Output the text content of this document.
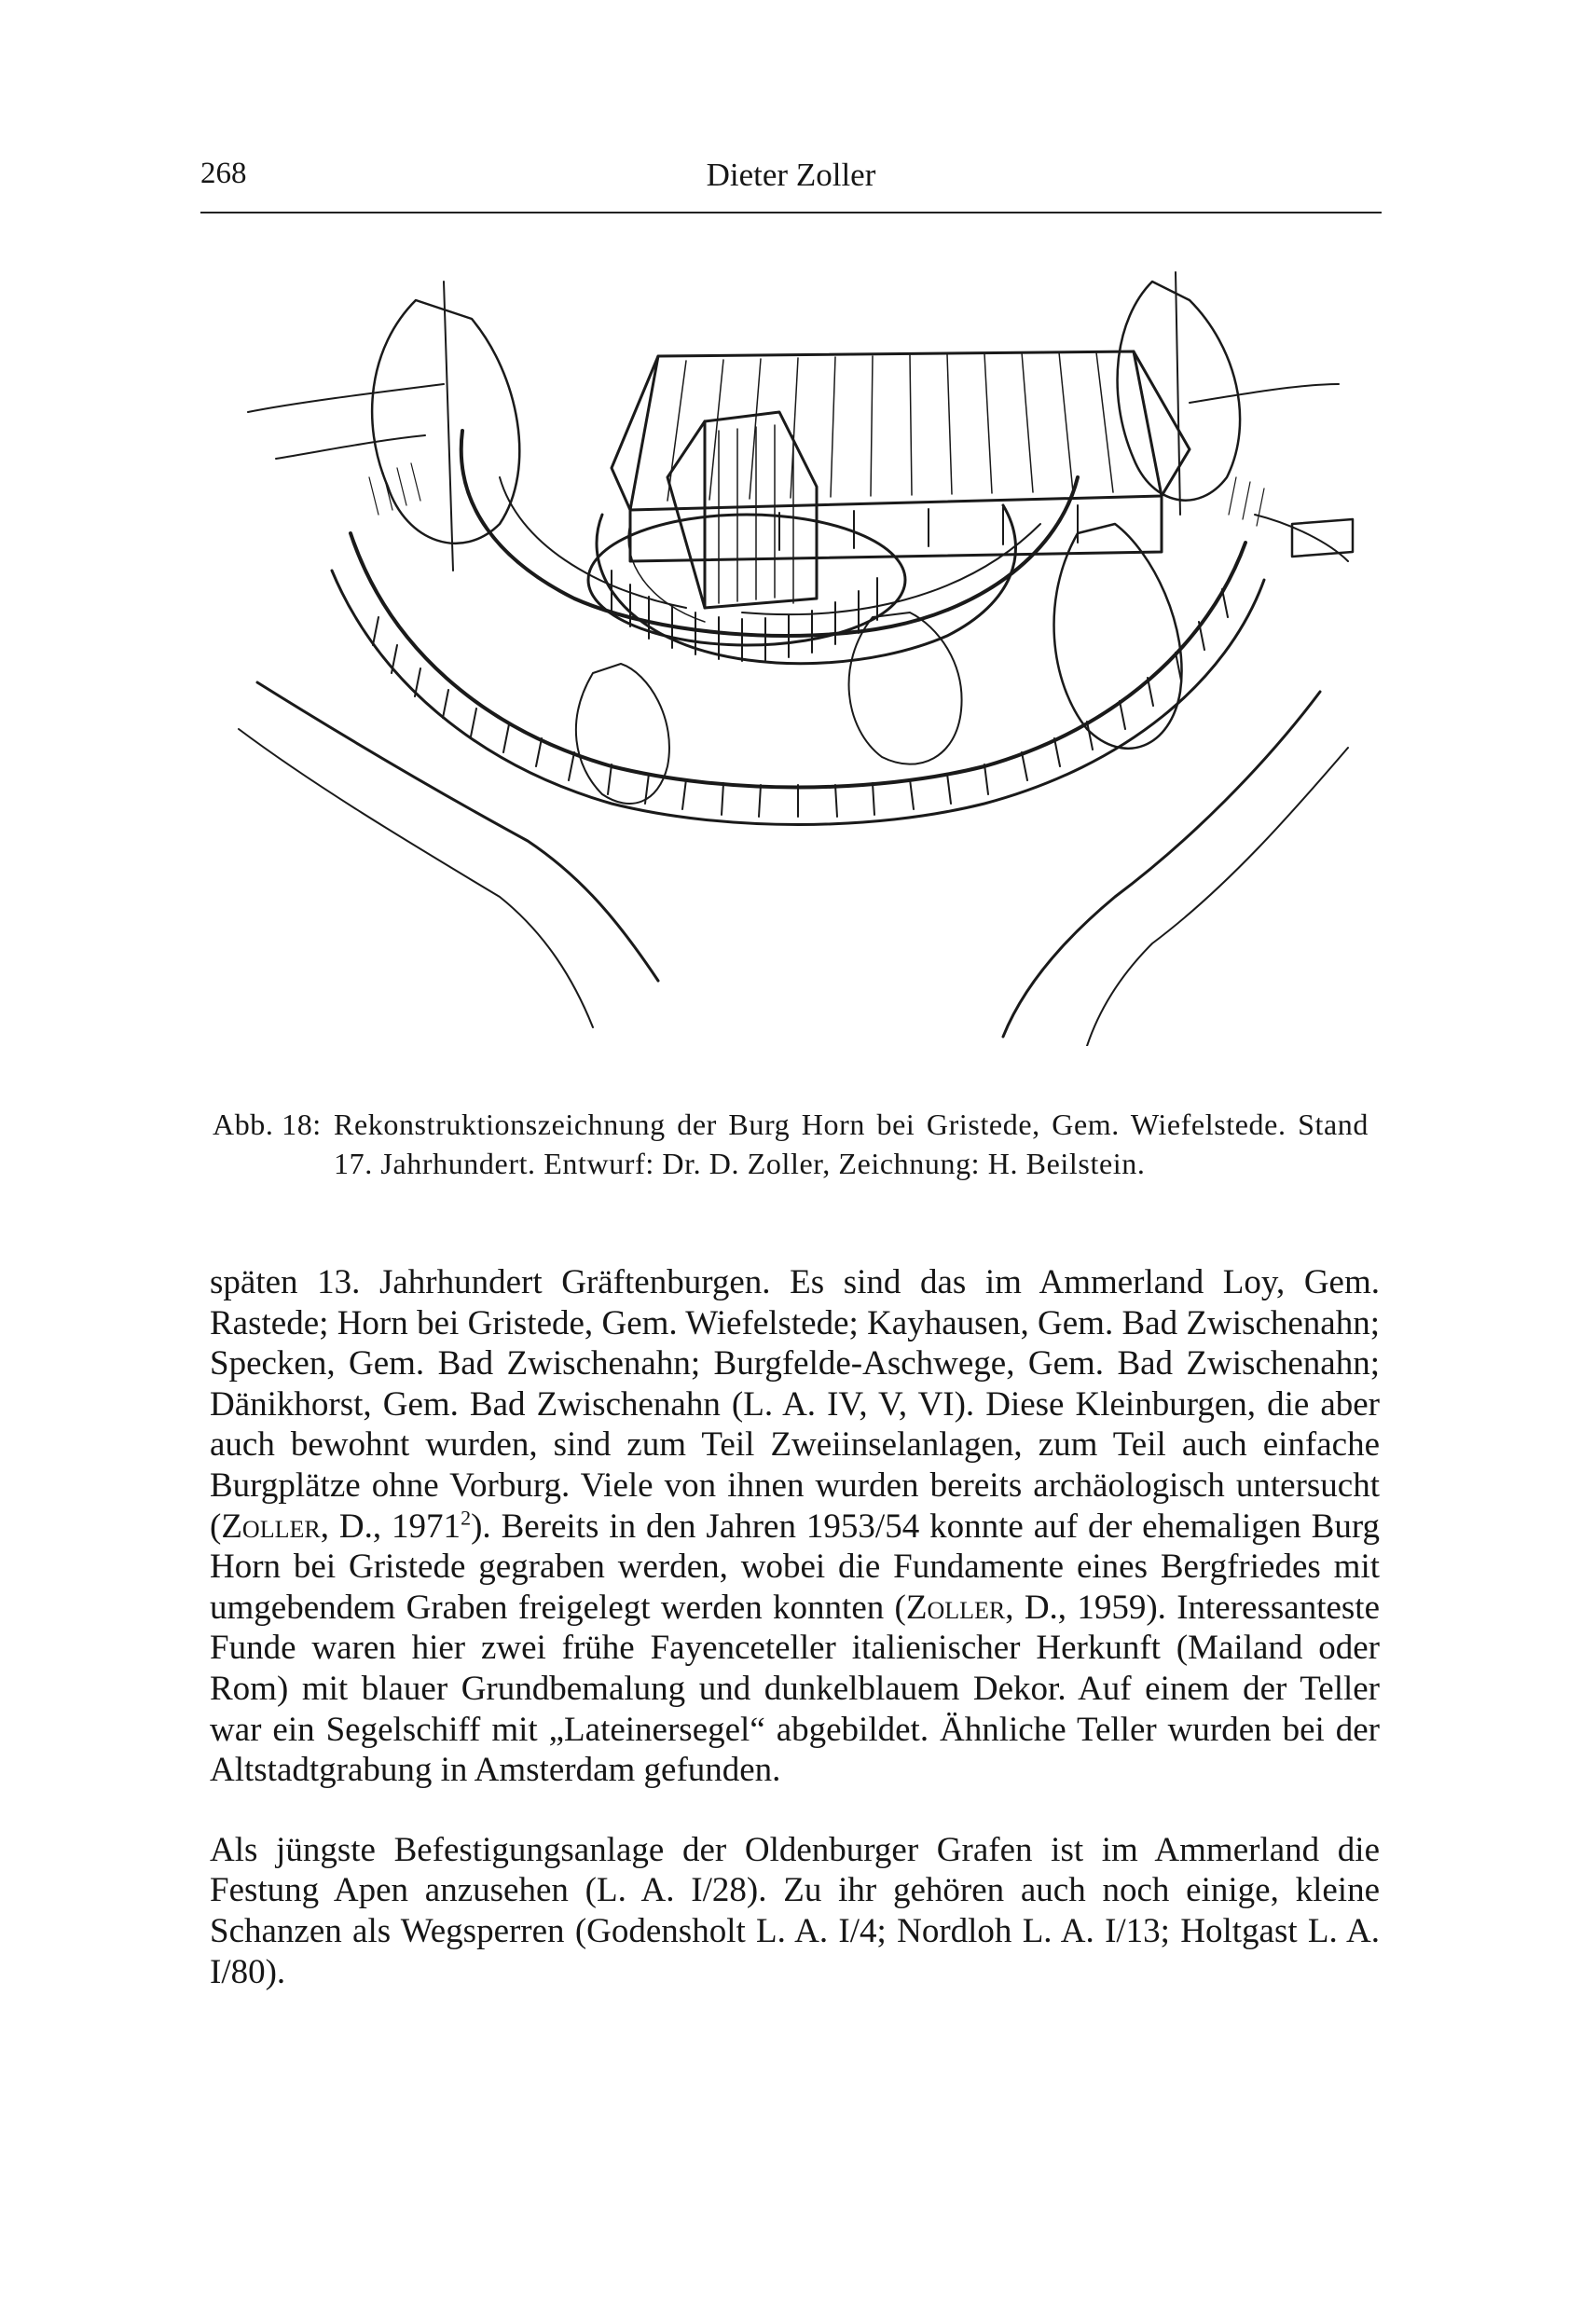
268	Dieter Zoller
Abb. 18: Rekonstruktionszeichnung der Burg Horn bei Gristede, Gem. Wiefelstede. Stand 17. Jahrhundert. Entwurf: Dr. D. Zoller, Zeichnung: H. Beilstein.

späten 13. Jahrhundert Gräftenburgen. Es sind das im Ammerland Loy, Gem. Rastede; Horn bei Gristede, Gem. Wiefelstede; Kayhausen, Gem. Bad Zwischenahn; Specken, Gem. Bad Zwischenahn; Burgfelde-Aschwege, Gem. Bad Zwischenahn; Dänikhorst, Gem. Bad Zwischenahn (L. A. IV, V, VI). Diese Kleinburgen, die aber auch bewohnt wurden, sind zum Teil Zweiinselanlagen, zum Teil auch einfache Burgplätze ohne Vorburg. Viele von ihnen wurden bereits archäologisch untersucht (Zoller, D., 1971$^2$). Bereits in den Jahren 1953/54 konnte auf der ehemaligen Burg Horn bei Gristede gegraben werden, wobei die Fundamente eines Bergfriedes mit umgebendem Graben freigelegt werden konnten (Zoller, D., 1959). Interessanteste Funde waren hier zwei frühe Fayenceteller italienischer Herkunft (Mailand oder Rom) mit blauer Grundbemalung und dunkelblauem Dekor. Auf einem der Teller war ein Segelschiff mit „Lateinersegel“ abgebildet. Ähnliche Teller wurden bei der Altstadtgrabung in Amsterdam gefunden.

Als jüngste Befestigungsanlage der Oldenburger Grafen ist im Ammerland die Festung Apen anzusehen (L. A. I/28). Zu ihr gehören auch noch einige, kleine Schanzen als Wegsperren (Godensholt L. A. I/4; Nordloh L. A. I/13; Holtgast L. A. I/80).
